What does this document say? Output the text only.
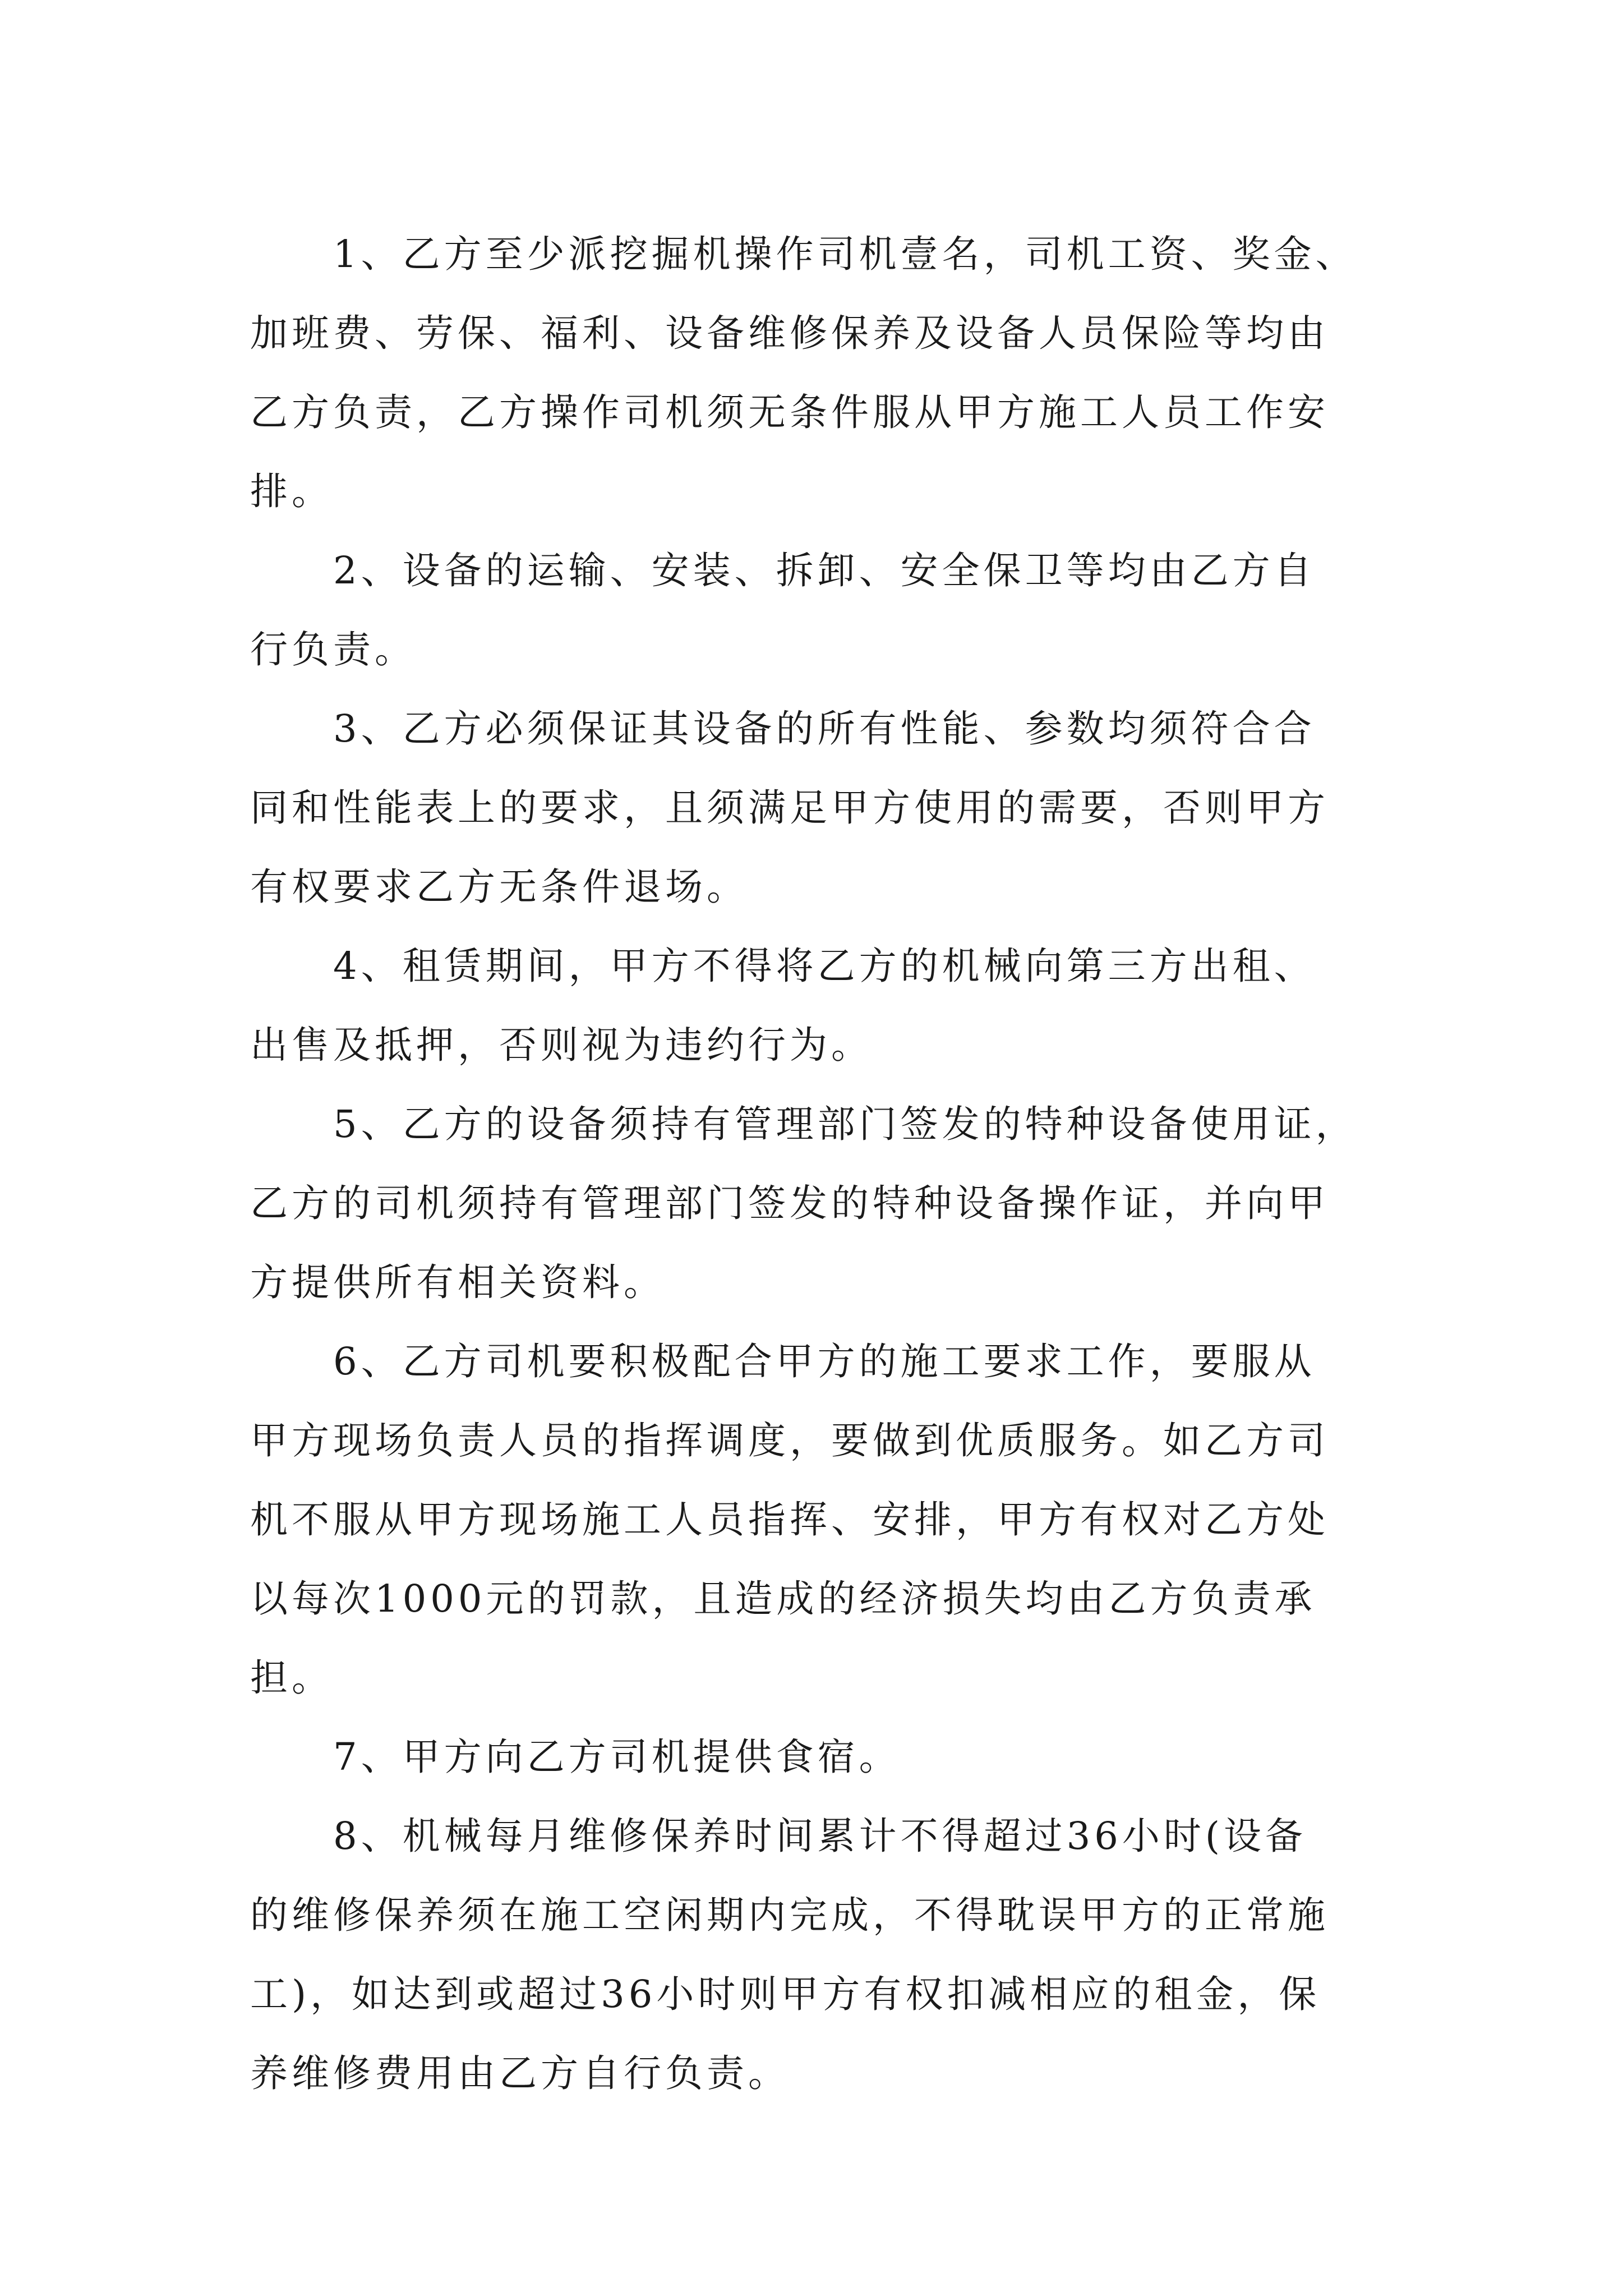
1、乙方至少派挖掘机操作司机壹名，司机工资、奖金、
加班费、劳保、福利、设备维修保养及设备人员保险等均由
乙方负责，乙方操作司机须无条件服从甲方施工人员工作安
排。

2、设备的运输、安装、拆卸、安全保卫等均由乙方自
行负责。

3、乙方必须保证其设备的所有性能、参数均须符合合
同和性能表上的要求，且须满足甲方使用的需要，否则甲方
有权要求乙方无条件退场。

4、租赁期间，甲方不得将乙方的机械向第三方出租、
出售及抵押，否则视为违约行为。

5、乙方的设备须持有管理部门签发的特种设备使用证，
乙方的司机须持有管理部门签发的特种设备操作证，并向甲
方提供所有相关资料。

6、乙方司机要积极配合甲方的施工要求工作，要服从
甲方现场负责人员的指挥调度，要做到优质服务。如乙方司
机不服从甲方现场施工人员指挥、安排，甲方有权对乙方处
以每次1000元的罚款，且造成的经济损失均由乙方负责承
担。

7、甲方向乙方司机提供食宿。

8、机械每月维修保养时间累计不得超过36小时(设备
的维修保养须在施工空闲期内完成，不得耽误甲方的正常施
工)，如达到或超过36小时则甲方有权扣减相应的租金，保
养维修费用由乙方自行负责。
